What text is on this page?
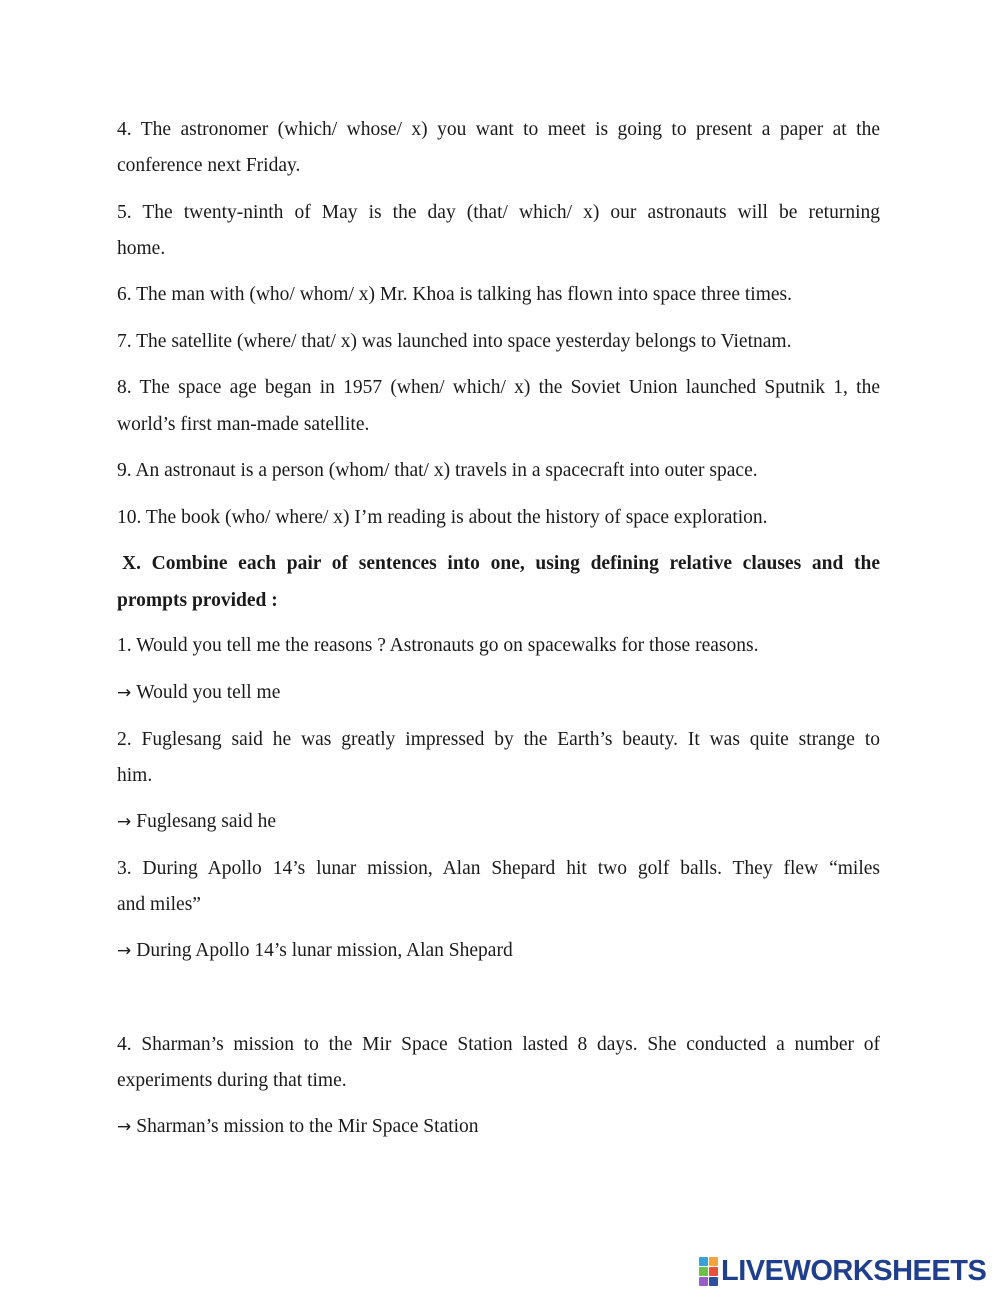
4. The astronomer (which/ whose/ x) you want to meet is going to present a paper at the
conference next Friday.
5. The twenty-ninth of May is the day (that/ which/ x) our astronauts will be returning
home.
6. The man with (who/ whom/ x) Mr. Khoa is talking has flown into space three times.
7. The satellite (where/ that/ x) was launched into space yesterday belongs to Vietnam.
8. The space age began in 1957 (when/ which/ x) the Soviet Union launched Sputnik 1, the
world’s first man-made satellite.
9. An astronaut is a person (whom/ that/ x) travels in a spacecraft into outer space.
10. The book (who/ where/ x) I’m reading is about the history of space exploration.
X. Combine each pair of sentences into one, using defining relative clauses and the
prompts provided :
1. Would you tell me the reasons ? Astronauts go on spacewalks for those reasons.
→ Would you tell me
2. Fuglesang said he was greatly impressed by the Earth’s beauty. It was quite strange to
him.
→ Fuglesang said he
3. During Apollo 14’s lunar mission, Alan Shepard hit two golf balls. They flew “miles
and miles”
→ During Apollo 14’s lunar mission, Alan Shepard
4. Sharman’s mission to the Mir Space Station lasted 8 days. She conducted a number of
experiments during that time.
→ Sharman’s mission to the Mir Space Station
LIVEWORKSHEETS
